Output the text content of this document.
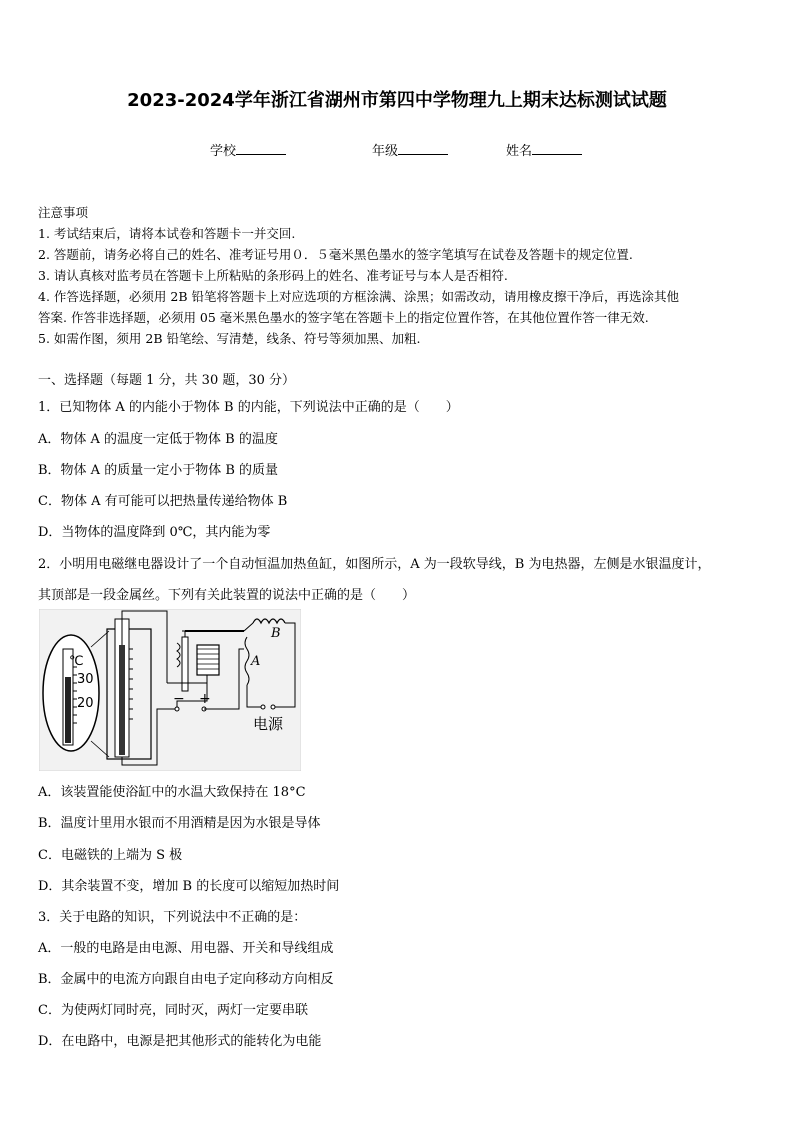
2023-2024学年浙江省湖州市第四中学物理九上期末达标测试试题
学校	年级	姓名
注意事项
1. 考试结束后，请将本试卷和答题卡一并交回.
2. 答题前，请务必将自己的姓名、准考证号用０．５毫米黑色墨水的签字笔填写在试卷及答题卡的规定位置.
3. 请认真核对监考员在答题卡上所粘贴的条形码上的姓名、准考证号与本人是否相符.
4. 作答选择题，必须用 2B 铅笔将答题卡上对应选项的方框涂满、涂黑；如需改动，请用橡皮擦干净后，再选涂其他
答案. 作答非选择题，必须用 05 毫米黑色墨水的签字笔在答题卡上的指定位置作答，在其他位置作答一律无效.
5. 如需作图，须用 2B 铅笔绘、写清楚，线条、符号等须加黑、加粗.
一、选择题（每题 1 分，共 30 题，30 分）
1．已知物体 A 的内能小于物体 B 的内能，下列说法中正确的是（　　）
A．物体 A 的温度一定低于物体 B 的温度
B．物体 A 的质量一定小于物体 B 的质量
C．物体 A 有可能可以把热量传递给物体 B
D．当物体的温度降到 0℃，其内能为零
2．小明用电磁继电器设计了一个自动恒温加热鱼缸，如图所示，A 为一段软导线，B 为电热器，左侧是水银温度计，
其顶部是一段金属丝。下列有关此装置的说法中正确的是（　　）
℃
30
20	− +
B
A
电源
A．该装置能使浴缸中的水温大致保持在 18°C
B．温度计里用水银而不用酒精是因为水银是导体
C．电磁铁的上端为 S 极
D．其余装置不变，增加 B 的长度可以缩短加热时间
3．关于电路的知识，下列说法中不正确的是：
A．一般的电路是由电源、用电器、开关和导线组成
B．金属中的电流方向跟自由电子定向移动方向相反
C．为使两灯同时亮，同时灭，两灯一定要串联
D．在电路中，电源是把其他形式的能转化为电能
